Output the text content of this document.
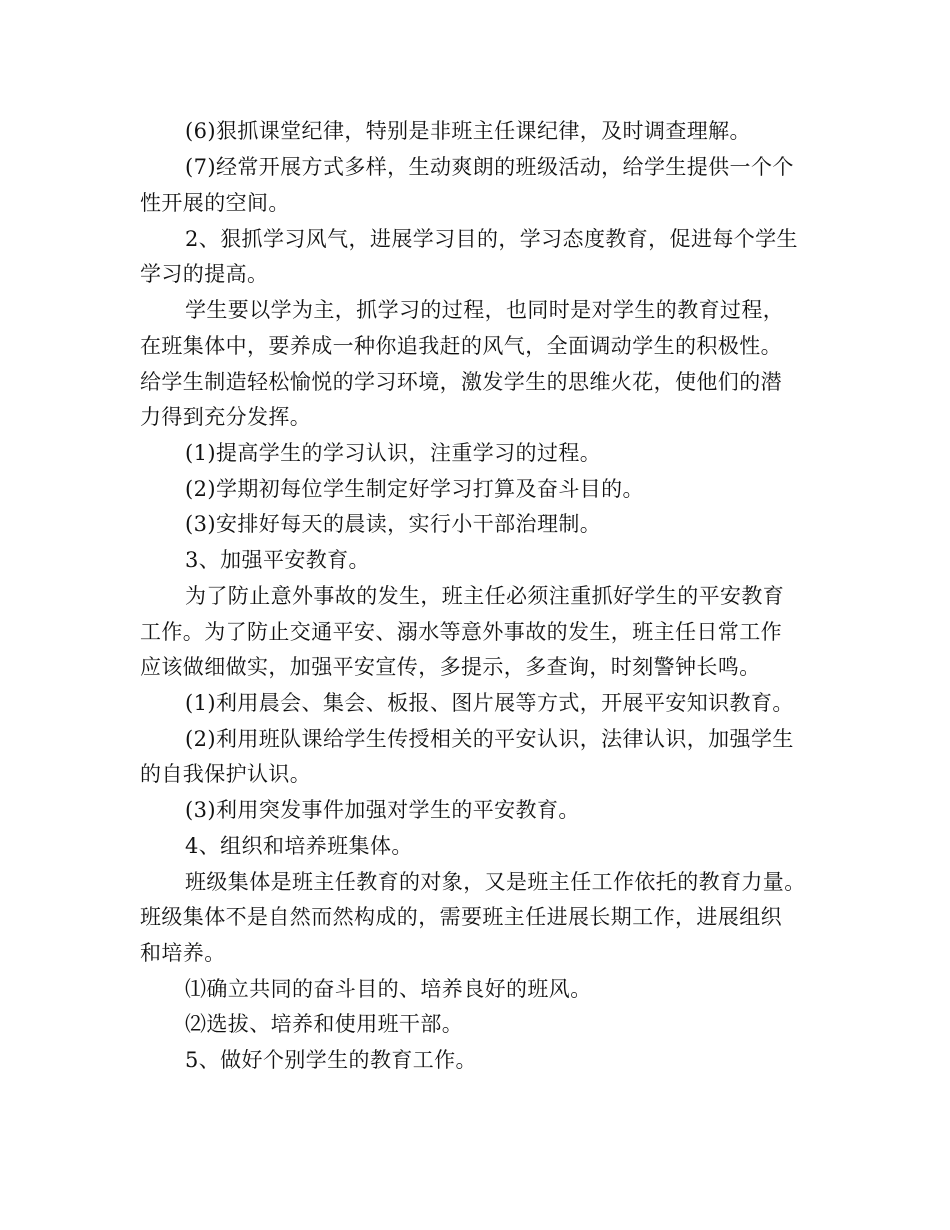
(6)狠抓课堂纪律，特别是非班主任课纪律，及时调查理解。
(7)经常开展方式多样，生动爽朗的班级活动，给学生提供一个个
性开展的空间。
2、狠抓学习风气，进展学习目的，学习态度教育，促进每个学生
学习的提高。
学生要以学为主，抓学习的过程，也同时是对学生的教育过程，
在班集体中，要养成一种你追我赶的风气，全面调动学生的积极性。
给学生制造轻松愉悦的学习环境，激发学生的思维火花，使他们的潜
力得到充分发挥。
(1)提高学生的学习认识，注重学习的过程。
(2)学期初每位学生制定好学习打算及奋斗目的。
(3)安排好每天的晨读，实行小干部治理制。
3、加强平安教育。
为了防止意外事故的发生，班主任必须注重抓好学生的平安教育
工作。为了防止交通平安、溺水等意外事故的发生，班主任日常工作
应该做细做实，加强平安宣传，多提示，多查询，时刻警钟长鸣。
(1)利用晨会、集会、板报、图片展等方式，开展平安知识教育。
(2)利用班队课给学生传授相关的平安认识，法律认识，加强学生
的自我保护认识。
(3)利用突发事件加强对学生的平安教育。
4、组织和培养班集体。
班级集体是班主任教育的对象，又是班主任工作依托的教育力量。
班级集体不是自然而然构成的，需要班主任进展长期工作，进展组织
和培养。
⑴确立共同的奋斗目的、培养良好的班风。
⑵选拔、培养和使用班干部。
5、做好个别学生的教育工作。
